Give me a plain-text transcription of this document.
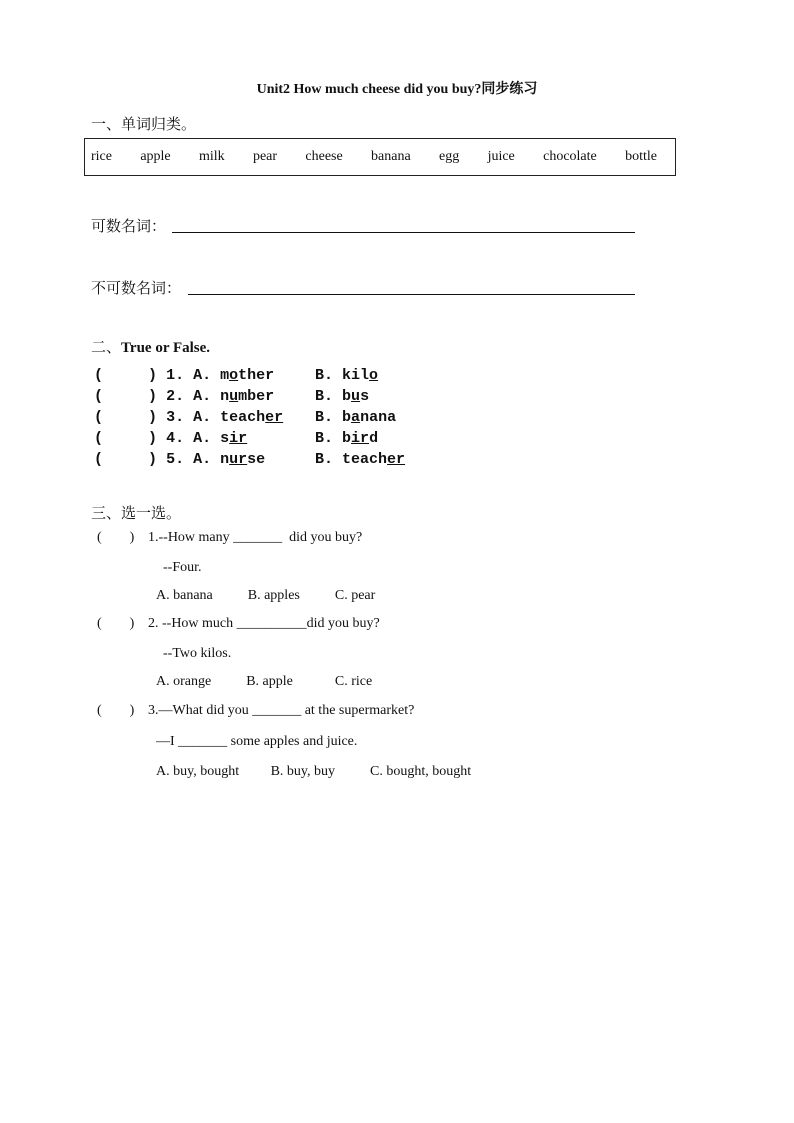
Unit2 How much cheese did you buy?同步练习
一、单词归类。
rice apple milk pear cheese banana egg juice chocolate bottle
可数名词：
不可数名词：
二、True or False.
(	) 1. A. mother	B. kilo
(	) 2. A. number	B. bus
(	) 3. A. teacher B. banana
(	) 4. A. sir	B. bird
(	) 5. A. nurse	B. teacher
三、选一选。
(        ) 1.--How many _______  did you buy?
--Four.
A. banana          B. apples          C. pear
(        ) 2. --How much __________did you buy?
--Two kilos.
A. orange          B. apple            C. rice
(        ) 3.—What did you _______ at the supermarket?
—I _______ some apples and juice.
A. buy, bought         B. buy, buy          C. bought, bought
